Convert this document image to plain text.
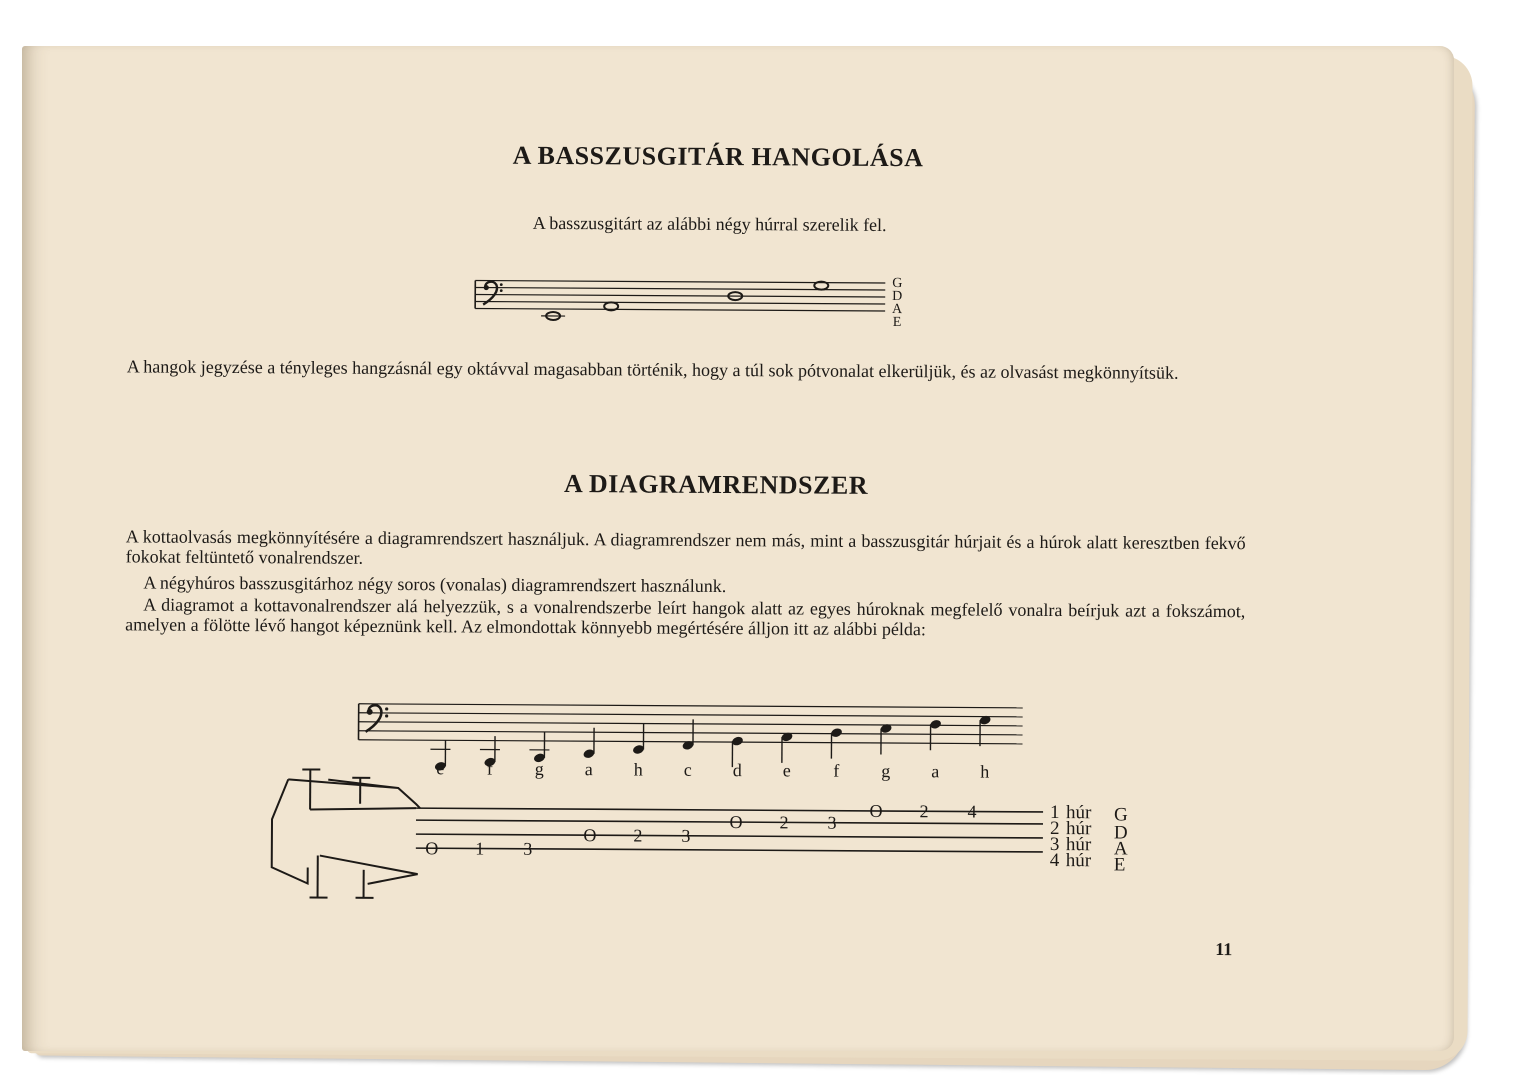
A BASSZUSGITÁR HANGOLÁSA
A basszusgitárt az alábbi négy húrral szerelik fel.
G
D
A
E
A hangok jegyzése a tényleges hangzásnál egy oktávval magasabban történik, hogy a túl sok pótvonalat elkerüljük, és az olvasást megkönnyítsük.
A DIAGRAMRENDSZER
A kottaolvasás megkönnyítésére a diagramrendszert használjuk. A diagramrendszer nem más, mint a basszusgitár húrjait és a húrok alatt keresztben fekvő fokokat feltüntető vonalrendszer.
A négyhúros basszusgitárhoz négy soros (vonalas) diagramrendszert használunk.
A diagramot a kottavonalrendszer alá helyezzük, s a vonalrendszerbe leírt hangok alatt az egyes húroknak megfelelő vonalra beírjuk azt a fokszámot, amelyen a fölötte lévő hangot képeznünk kell. Az elmondottak könnyebb megértésére álljon itt az alábbi példa:
e f g a h c d e f g a h
O 2 4
O 2 3
O 2 3
O 1 3
1 húr G
2 húr D
3 húr A
4 húr E
11
